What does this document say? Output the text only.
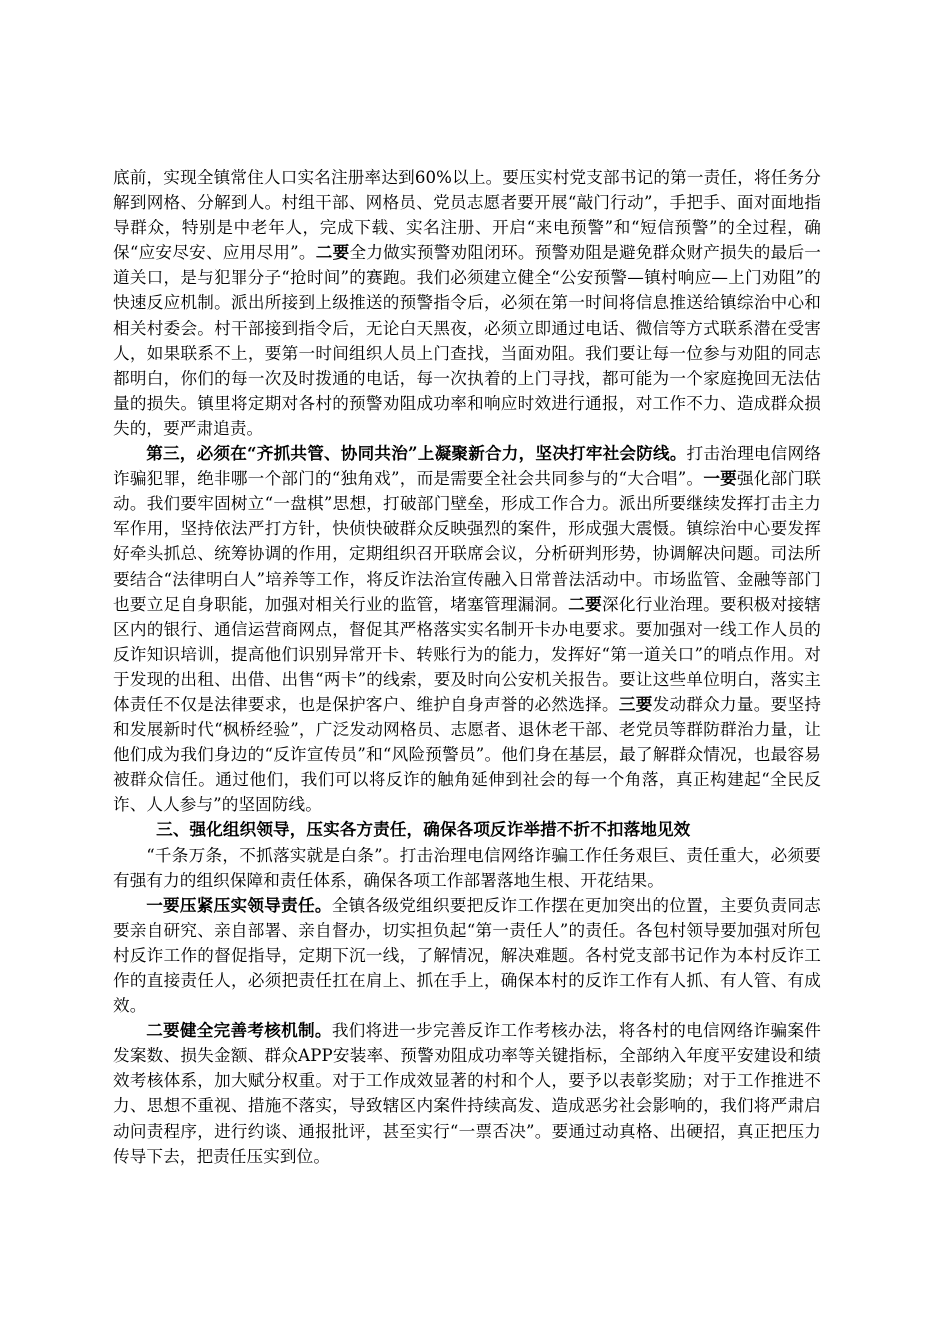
底前，实现全镇常住人口实名注册率达到60%以上。要压实村党支部书记的第一责任，将任务分解到网格、分解到人。村组干部、网格员、党员志愿者要开展“敲门行动”，手把手、面对面地指导群众，特别是中老年人，完成下载、实名注册、开启“来电预警”和“短信预警”的全过程，确保“应安尽安、应用尽用”。二要全力做实预警劝阻闭环。预警劝阻是避免群众财产损失的最后一道关口，是与犯罪分子“抢时间”的赛跑。我们必须建立健全“公安预警—镇村响应—上门劝阻”的快速反应机制。派出所接到上级推送的预警指令后，必须在第一时间将信息推送给镇综治中心和相关村委会。村干部接到指令后，无论白天黑夜，必须立即通过电话、微信等方式联系潜在受害人，如果联系不上，要第一时间组织人员上门查找，当面劝阻。我们要让每一位参与劝阻的同志都明白，你们的每一次及时拨通的电话，每一次执着的上门寻找，都可能为一个家庭挽回无法估量的损失。镇里将定期对各村的预警劝阻成功率和响应时效进行通报，对工作不力、造成群众损失的，要严肃追责。

第三，必须在“齐抓共管、协同共治”上凝聚新合力，坚决打牢社会防线。打击治理电信网络诈骗犯罪，绝非哪一个部门的“独角戏”，而是需要全社会共同参与的“大合唱”。一要强化部门联动。我们要牢固树立“一盘棋”思想，打破部门壁垒，形成工作合力。派出所要继续发挥打击主力军作用，坚持依法严打方针，快侦快破群众反映强烈的案件，形成强大震慑。镇综治中心要发挥好牵头抓总、统筹协调的作用，定期组织召开联席会议，分析研判形势，协调解决问题。司法所要结合“法律明白人”培养等工作，将反诈法治宣传融入日常普法活动中。市场监管、金融等部门也要立足自身职能，加强对相关行业的监管，堵塞管理漏洞。二要深化行业治理。要积极对接辖区内的银行、通信运营商网点，督促其严格落实实名制开卡办电要求。要加强对一线工作人员的反诈知识培训，提高他们识别异常开卡、转账行为的能力，发挥好“第一道关口”的哨点作用。对于发现的出租、出借、出售“两卡”的线索，要及时向公安机关报告。要让这些单位明白，落实主体责任不仅是法律要求，也是保护客户、维护自身声誉的必然选择。三要发动群众力量。要坚持和发展新时代“枫桥经验”，广泛发动网格员、志愿者、退休老干部、老党员等群防群治力量，让他们成为我们身边的“反诈宣传员”和“风险预警员”。他们身在基层，最了解群众情况，也最容易被群众信任。通过他们，我们可以将反诈的触角延伸到社会的每一个角落，真正构建起“全民反诈、人人参与”的坚固防线。

三、强化组织领导，压实各方责任，确保各项反诈举措不折不扣落地见效

“千条万条，不抓落实就是白条”。打击治理电信网络诈骗工作任务艰巨、责任重大，必须要有强有力的组织保障和责任体系，确保各项工作部署落地生根、开花结果。

一要压紧压实领导责任。全镇各级党组织要把反诈工作摆在更加突出的位置，主要负责同志要亲自研究、亲自部署、亲自督办，切实担负起“第一责任人”的责任。各包村领导要加强对所包村反诈工作的督促指导，定期下沉一线，了解情况，解决难题。各村党支部书记作为本村反诈工作的直接责任人，必须把责任扛在肩上、抓在手上，确保本村的反诈工作有人抓、有人管、有成效。

二要健全完善考核机制。我们将进一步完善反诈工作考核办法，将各村的电信网络诈骗案件发案数、损失金额、群众APP安装率、预警劝阻成功率等关键指标，全部纳入年度平安建设和绩效考核体系，加大赋分权重。对于工作成效显著的村和个人，要予以表彰奖励；对于工作推进不力、思想不重视、措施不落实，导致辖区内案件持续高发、造成恶劣社会影响的，我们将严肃启动问责程序，进行约谈、通报批评，甚至实行“一票否决”。要通过动真格、出硬招，真正把压力传导下去，把责任压实到位。
